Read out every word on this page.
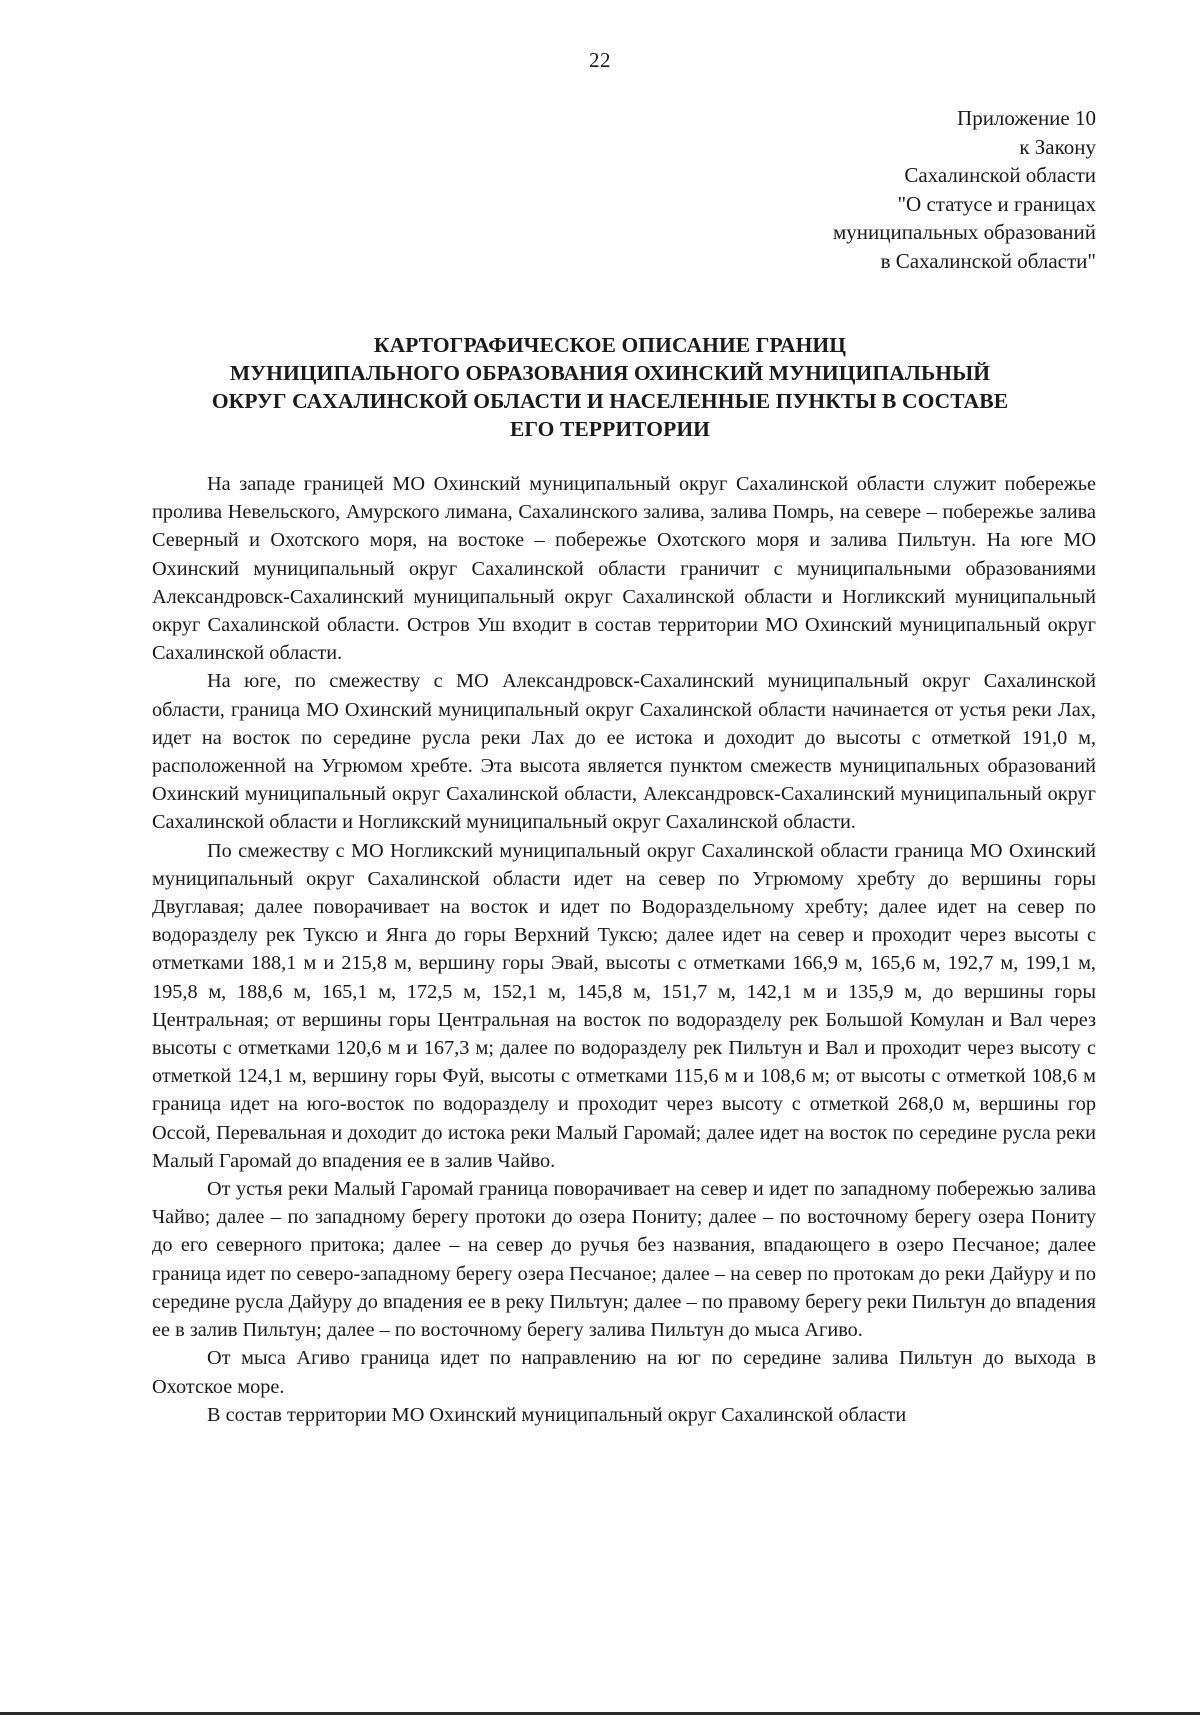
22
Приложение 10
к Закону
Сахалинской области
"О статусе и границах
муниципальных образований
в Сахалинской области"
КАРТОГРАФИЧЕСКОЕ ОПИСАНИЕ ГРАНИЦ
МУНИЦИПАЛЬНОГО ОБРАЗОВАНИЯ ОХИНСКИЙ МУНИЦИПАЛЬНЫЙ
ОКРУГ САХАЛИНСКОЙ ОБЛАСТИ И НАСЕЛЕННЫЕ ПУНКТЫ В СОСТАВЕ
ЕГО ТЕРРИТОРИИ

На западе границей МО Охинский муниципальный округ Сахалинской области служит побережье пролива Невельского, Амурского лимана, Сахалинского залива, залива Помрь, на севере – побережье залива Северный и Охотского моря, на востоке – побережье Охотского моря и залива Пильтун. На юге МО Охинский муниципальный округ Сахалинской области граничит с муниципальными образованиями Александровск-Сахалинский муниципальный округ Сахалинской области и Ногликский муниципальный округ Сахалинской области. Остров Уш входит в состав территории МО Охинский муниципальный округ Сахалинской области.

На юге, по смежеству с МО Александровск-Сахалинский муниципальный округ Сахалинской области, граница МО Охинский муниципальный округ Сахалинской области начинается от устья реки Лах, идет на восток по середине русла реки Лах до ее истока и доходит до высоты с отметкой 191,0 м, расположенной на Угрюмом хребте. Эта высота является пунктом смежеств муниципальных образований Охинский муниципальный округ Сахалинской области, Александровск-Сахалинский муниципальный округ Сахалинской области и Ногликский муниципальный округ Сахалинской области.

По смежеству с МО Ногликский муниципальный округ Сахалинской области граница МО Охинский муниципальный округ Сахалинской области идет на север по Угрюмому хребту до вершины горы Двуглавая; далее поворачивает на восток и идет по Водораздельному хребту; далее идет на север по водоразделу рек Туксю и Янга до горы Верхний Туксю; далее идет на север и проходит через высоты с отметками 188,1 м и 215,8 м, вершину горы Эвай, высоты с отметками 166,9 м, 165,6 м, 192,7 м, 199,1 м, 195,8 м, 188,6 м, 165,1 м, 172,5 м, 152,1 м, 145,8 м, 151,7 м, 142,1 м и 135,9 м, до вершины горы Центральная; от вершины горы Центральная на восток по водоразделу рек Большой Комулан и Вал через высоты с отметками 120,6 м и 167,3 м; далее по водоразделу рек Пильтун и Вал и проходит через высоту с отметкой 124,1 м, вершину горы Фуй, высоты с отметками 115,6 м и 108,6 м; от высоты с отметкой 108,6 м граница идет на юго-восток по водоразделу и проходит через высоту с отметкой 268,0 м, вершины гор Оссой, Перевальная и доходит до истока реки Малый Гаромай; далее идет на восток по середине русла реки Малый Гаромай до впадения ее в залив Чайво.

От устья реки Малый Гаромай граница поворачивает на север и идет по западному побережью залива Чайво; далее – по западному берегу протоки до озера Пониту; далее – по восточному берегу озера Пониту до его северного притока; далее – на север до ручья без названия, впадающего в озеро Песчаное; далее граница идет по северо-западному берегу озера Песчаное; далее – на север по протокам до реки Дайуру и по середине русла Дайуру до впадения ее в реку Пильтун; далее – по правому берегу реки Пильтун до впадения ее в залив Пильтун; далее – по восточному берегу залива Пильтун до мыса Агиво.

От мыса Агиво граница идет по направлению на юг по середине залива Пильтун до выхода в Охотское море.

В состав территории МО Охинский муниципальный округ Сахалинской области
